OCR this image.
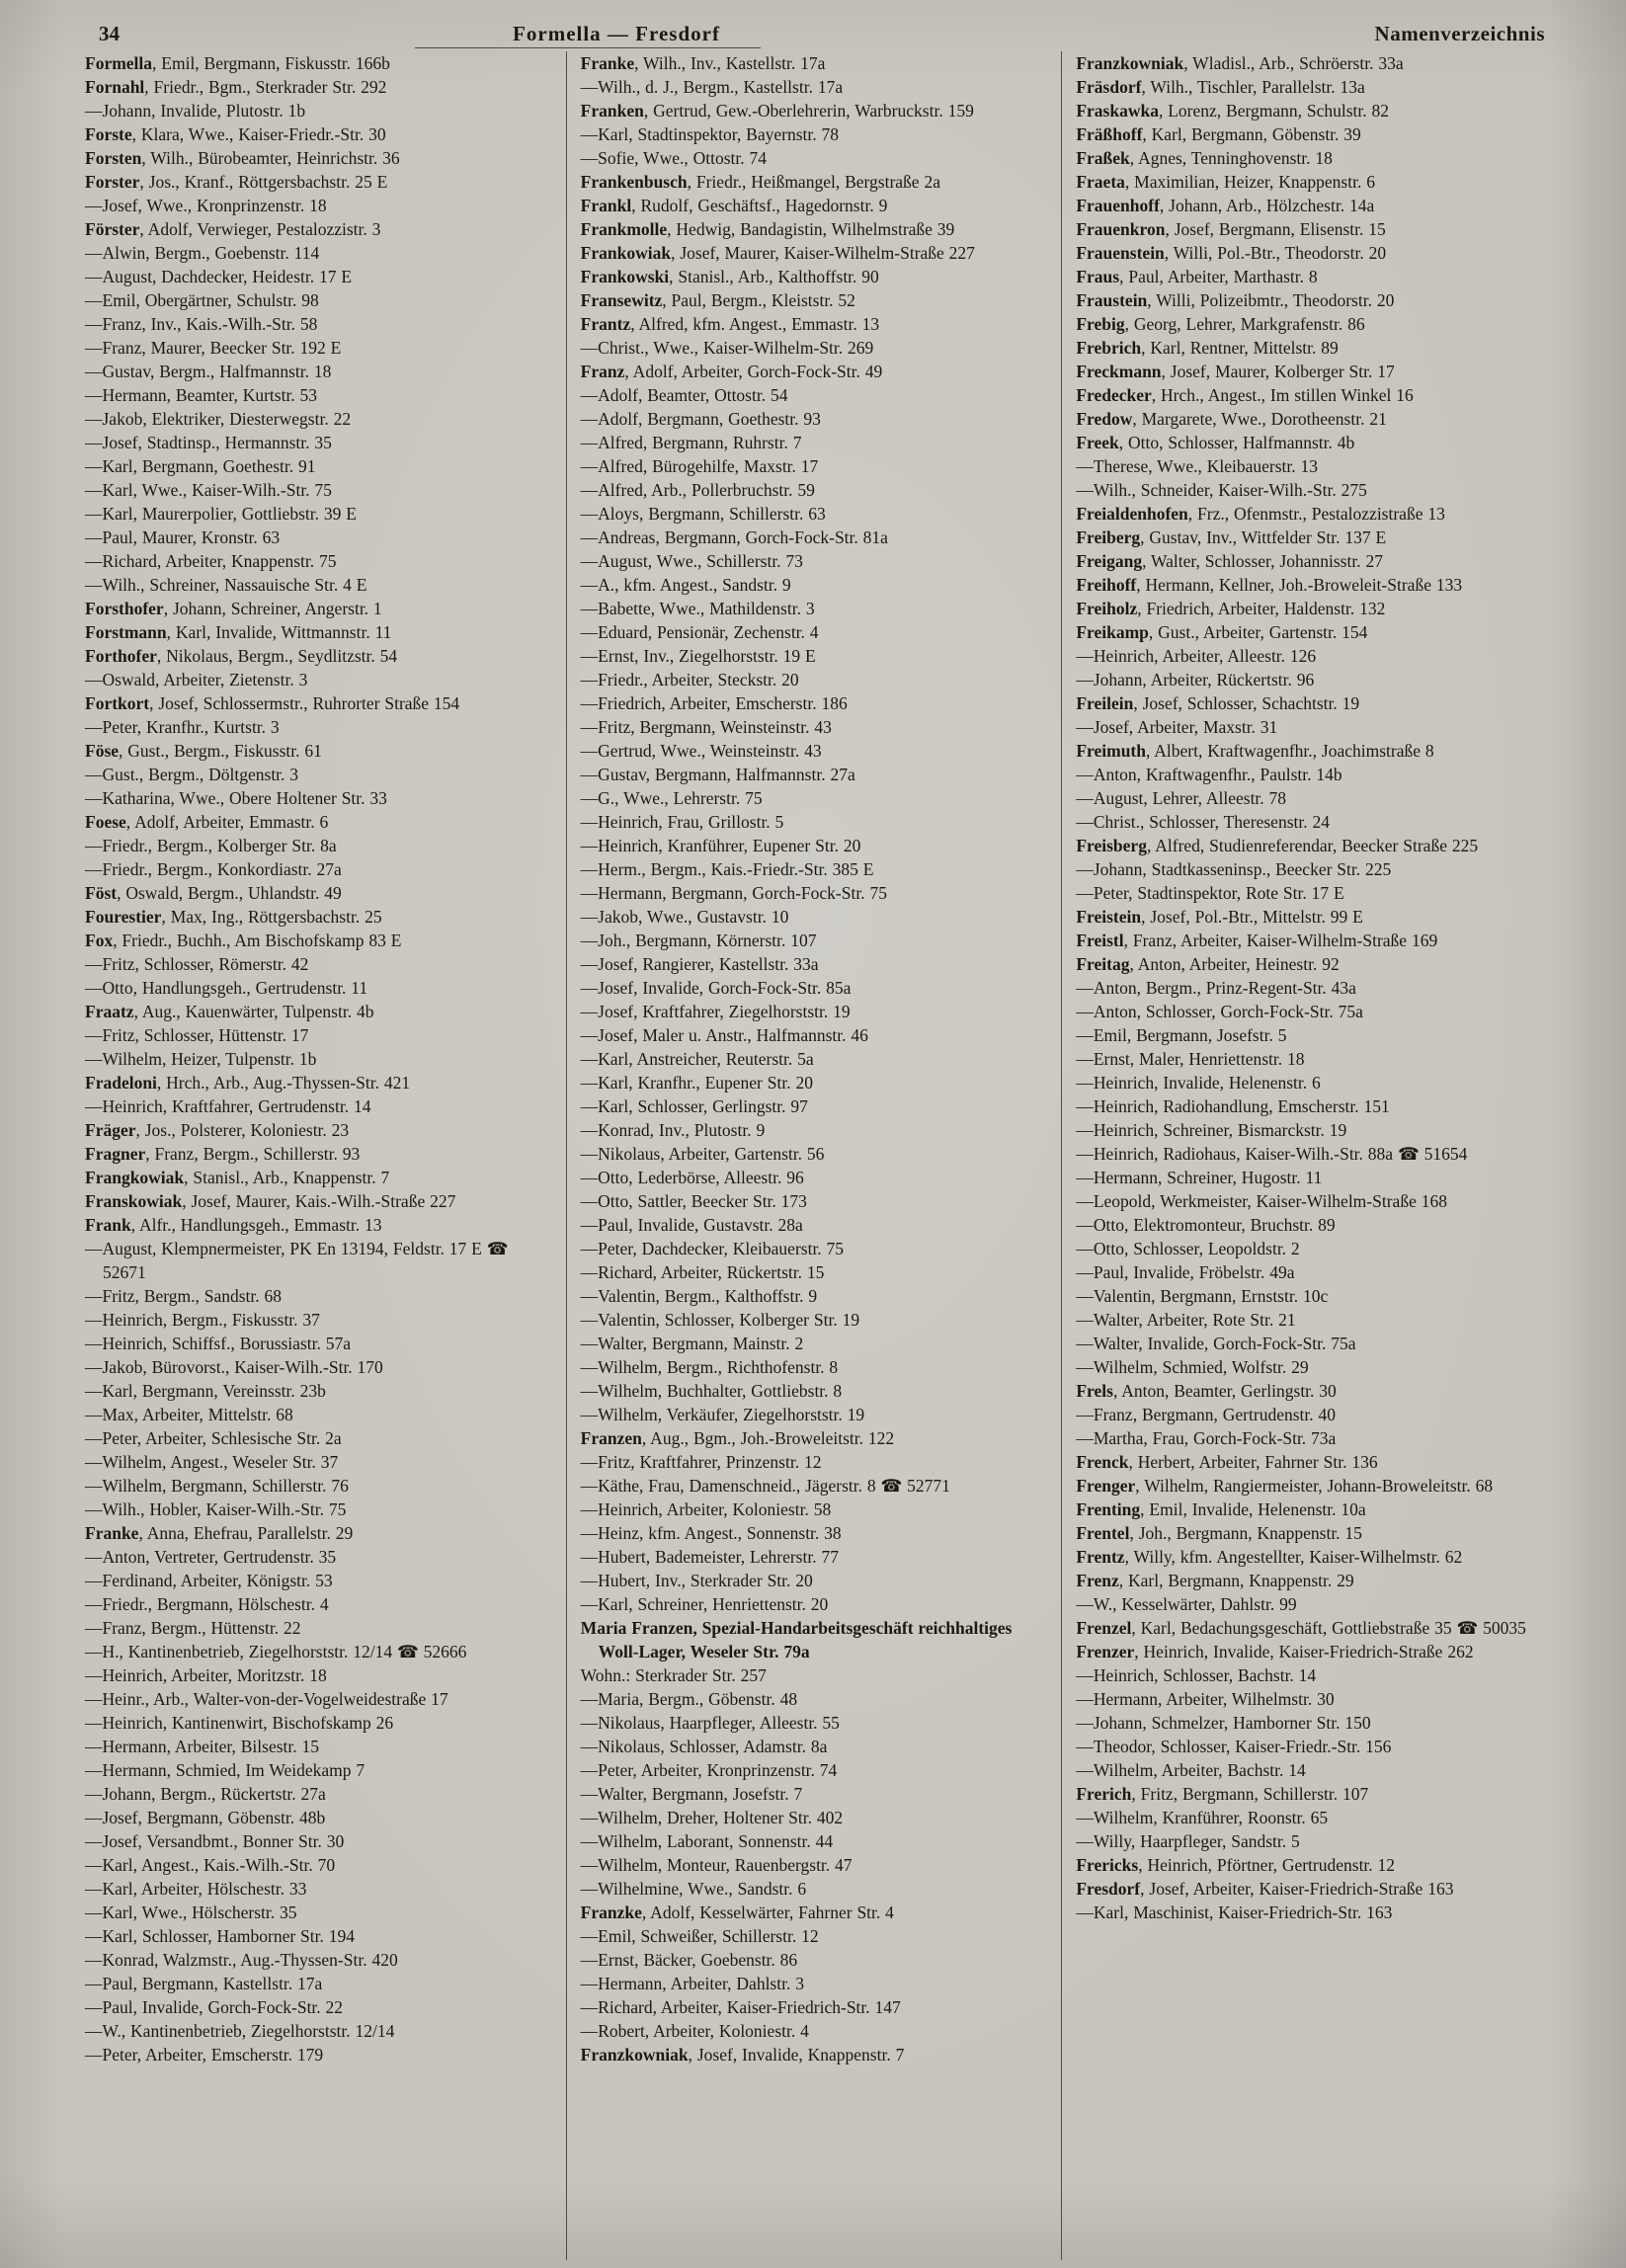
34	Formella — Fresdorf	Namenverzeichnis

Formella, Emil, Bergmann, Fiskusstr. 166b

Fornahl, Friedr., Bgm., Sterkrader Str. 292

—Johann, Invalide, Plutostr. 1b

Forste, Klara, Wwe., Kaiser-Friedr.-Str. 30

Forsten, Wilh., Bürobeamter, Heinrichstr. 36

Forster, Jos., Kranf., Röttgersbachstr. 25 E

—Josef, Wwe., Kronprinzenstr. 18

Förster, Adolf, Verwieger, Pestalozzistr. 3

—Alwin, Bergm., Goebenstr. 114

—August, Dachdecker, Heidestr. 17 E

—Emil, Obergärtner, Schulstr. 98

—Franz, Inv., Kais.-Wilh.-Str. 58

—Franz, Maurer, Beecker Str. 192 E

—Gustav, Bergm., Halfmannstr. 18

—Hermann, Beamter, Kurtstr. 53

—Jakob, Elektriker, Diesterwegstr. 22

—Josef, Stadtinsp., Hermannstr. 35

—Karl, Bergmann, Goethestr. 91

—Karl, Wwe., Kaiser-Wilh.-Str. 75

—Karl, Maurerpolier, Gottliebstr. 39 E

—Paul, Maurer, Kronstr. 63

—Richard, Arbeiter, Knappenstr. 75

—Wilh., Schreiner, Nassauische Str. 4 E

Forsthofer, Johann, Schreiner, Angerstr. 1

Forstmann, Karl, Invalide, Wittmannstr. 11

Forthofer, Nikolaus, Bergm., Seydlitzstr. 54

—Oswald, Arbeiter, Zietenstr. 3

Fortkort, Josef, Schlossermstr., Ruhrorter Straße 154

—Peter, Kranfhr., Kurtstr. 3

Föse, Gust., Bergm., Fiskusstr. 61

—Gust., Bergm., Döltgenstr. 3

—Katharina, Wwe., Obere Holtener Str. 33

Foese, Adolf, Arbeiter, Emmastr. 6

—Friedr., Bergm., Kolberger Str. 8a

—Friedr., Bergm., Konkordiastr. 27a

Föst, Oswald, Bergm., Uhlandstr. 49

Fourestier, Max, Ing., Röttgersbachstr. 25

Fox, Friedr., Buchh., Am Bischofskamp 83 E

—Fritz, Schlosser, Römerstr. 42

—Otto, Handlungsgeh., Gertrudenstr. 11

Fraatz, Aug., Kauenwärter, Tulpenstr. 4b

—Fritz, Schlosser, Hüttenstr. 17

—Wilhelm, Heizer, Tulpenstr. 1b

Fradeloni, Hrch., Arb., Aug.-Thyssen-Str. 421

—Heinrich, Kraftfahrer, Gertrudenstr. 14

Fräger, Jos., Polsterer, Koloniestr. 23

Fragner, Franz, Bergm., Schillerstr. 93

Frangkowiak, Stanisl., Arb., Knappenstr. 7

Franskowiak, Josef, Maurer, Kais.-Wilh.-Straße 227

Frank, Alfr., Handlungsgeh., Emmastr. 13

—August, Klempnermeister, PK En 13194, Feldstr. 17 E ☎ 52671

—Fritz, Bergm., Sandstr. 68

—Heinrich, Bergm., Fiskusstr. 37

—Heinrich, Schiffsf., Borussiastr. 57a

—Jakob, Bürovorst., Kaiser-Wilh.-Str. 170

—Karl, Bergmann, Vereinsstr. 23b

—Max, Arbeiter, Mittelstr. 68

—Peter, Arbeiter, Schlesische Str. 2a

—Wilhelm, Angest., Weseler Str. 37

—Wilhelm, Bergmann, Schillerstr. 76

—Wilh., Hobler, Kaiser-Wilh.-Str. 75

Franke, Anna, Ehefrau, Parallelstr. 29

—Anton, Vertreter, Gertrudenstr. 35

—Ferdinand, Arbeiter, Königstr. 53

—Friedr., Bergmann, Hölschestr. 4

—Franz, Bergm., Hüttenstr. 22

—H., Kantinenbetrieb, Ziegelhorststr. 12/14 ☎ 52666

—Heinrich, Arbeiter, Moritzstr. 18

—Heinr., Arb., Walter-von-der-Vogelweidestraße 17

—Heinrich, Kantinenwirt, Bischofskamp 26

—Hermann, Arbeiter, Bilsestr. 15

—Hermann, Schmied, Im Weidekamp 7

—Johann, Bergm., Rückertstr. 27a

—Josef, Bergmann, Göbenstr. 48b

—Josef, Versandbmt., Bonner Str. 30

—Karl, Angest., Kais.-Wilh.-Str. 70

—Karl, Arbeiter, Hölschestr. 33

—Karl, Wwe., Hölscherstr. 35

—Karl, Schlosser, Hamborner Str. 194

—Konrad, Walzmstr., Aug.-Thyssen-Str. 420

—Paul, Bergmann, Kastellstr. 17a

—Paul, Invalide, Gorch-Fock-Str. 22

—W., Kantinenbetrieb, Ziegelhorststr. 12/14

—Peter, Arbeiter, Emscherstr. 179

Franke, Wilh., Inv., Kastellstr. 17a

—Wilh., d. J., Bergm., Kastellstr. 17a

Franken, Gertrud, Gew.-Oberlehrerin, Warbruckstr. 159

—Karl, Stadtinspektor, Bayernstr. 78

—Sofie, Wwe., Ottostr. 74

Frankenbusch, Friedr., Heißmangel, Bergstraße 2a

Frankl, Rudolf, Geschäftsf., Hagedornstr. 9

Frankmolle, Hedwig, Bandagistin, Wilhelmstraße 39

Frankowiak, Josef, Maurer, Kaiser-Wilhelm-Straße 227

Frankowski, Stanisl., Arb., Kalthoffstr. 90

Fransewitz, Paul, Bergm., Kleiststr. 52

Frantz, Alfred, kfm. Angest., Emmastr. 13

—Christ., Wwe., Kaiser-Wilhelm-Str. 269

Franz, Adolf, Arbeiter, Gorch-Fock-Str. 49

—Adolf, Beamter, Ottostr. 54

—Adolf, Bergmann, Goethestr. 93

—Alfred, Bergmann, Ruhrstr. 7

—Alfred, Bürogehilfe, Maxstr. 17

—Alfred, Arb., Pollerbruchstr. 59

—Aloys, Bergmann, Schillerstr. 63

—Andreas, Bergmann, Gorch-Fock-Str. 81a

—August, Wwe., Schillerstr. 73

—A., kfm. Angest., Sandstr. 9

—Babette, Wwe., Mathildenstr. 3

—Eduard, Pensionär, Zechenstr. 4

—Ernst, Inv., Ziegelhorststr. 19 E

—Friedr., Arbeiter, Steckstr. 20

—Friedrich, Arbeiter, Emscherstr. 186

—Fritz, Bergmann, Weinsteinstr. 43

—Gertrud, Wwe., Weinsteinstr. 43

—Gustav, Bergmann, Halfmannstr. 27a

—G., Wwe., Lehrerstr. 75

—Heinrich, Frau, Grillostr. 5

—Heinrich, Kranführer, Eupener Str. 20

—Herm., Bergm., Kais.-Friedr.-Str. 385 E

—Hermann, Bergmann, Gorch-Fock-Str. 75

—Jakob, Wwe., Gustavstr. 10

—Joh., Bergmann, Körnerstr. 107

—Josef, Rangierer, Kastellstr. 33a

—Josef, Invalide, Gorch-Fock-Str. 85a

—Josef, Kraftfahrer, Ziegelhorststr. 19

—Josef, Maler u. Anstr., Halfmannstr. 46

—Karl, Anstreicher, Reuterstr. 5a

—Karl, Kranfhr., Eupener Str. 20

—Karl, Schlosser, Gerlingstr. 97

—Konrad, Inv., Plutostr. 9

—Nikolaus, Arbeiter, Gartenstr. 56

—Otto, Lederbörse, Alleestr. 96

—Otto, Sattler, Beecker Str. 173

—Paul, Invalide, Gustavstr. 28a

—Peter, Dachdecker, Kleibauerstr. 75

—Richard, Arbeiter, Rückertstr. 15

—Valentin, Bergm., Kalthoffstr. 9

—Valentin, Schlosser, Kolberger Str. 19

—Walter, Bergmann, Mainstr. 2

—Wilhelm, Bergm., Richthofenstr. 8

—Wilhelm, Buchhalter, Gottliebstr. 8

—Wilhelm, Verkäufer, Ziegelhorststr. 19

Franzen, Aug., Bgm., Joh.-Broweleitstr. 122

—Fritz, Kraftfahrer, Prinzenstr. 12

—Käthe, Frau, Damenschneid., Jägerstr. 8 ☎ 52771

—Heinrich, Arbeiter, Koloniestr. 58

—Heinz, kfm. Angest., Sonnenstr. 38

—Hubert, Bademeister, Lehrerstr. 77

—Hubert, Inv., Sterkrader Str. 20

—Karl, Schreiner, Henriettenstr. 20

Maria Franzen, Spezial-Handarbeitsgeschäft reichhaltiges Woll-Lager, Weseler Str. 79a

Wohn.: Sterkrader Str. 257

—Maria, Bergm., Göbenstr. 48

—Nikolaus, Haarpfleger, Alleestr. 55

—Nikolaus, Schlosser, Adamstr. 8a

—Peter, Arbeiter, Kronprinzenstr. 74

—Walter, Bergmann, Josefstr. 7

—Wilhelm, Dreher, Holtener Str. 402

—Wilhelm, Laborant, Sonnenstr. 44

—Wilhelm, Monteur, Rauenbergstr. 47

—Wilhelmine, Wwe., Sandstr. 6

Franzke, Adolf, Kesselwärter, Fahrner Str. 4

—Emil, Schweißer, Schillerstr. 12

—Ernst, Bäcker, Goebenstr. 86

—Hermann, Arbeiter, Dahlstr. 3

—Richard, Arbeiter, Kaiser-Friedrich-Str. 147

—Robert, Arbeiter, Koloniestr. 4

Franzkowniak, Josef, Invalide, Knappenstr. 7

Franzkowniak, Wladisl., Arb., Schröerstr. 33a

Fräsdorf, Wilh., Tischler, Parallelstr. 13a

Fraskawka, Lorenz, Bergmann, Schulstr. 82

Fräßhoff, Karl, Bergmann, Göbenstr. 39

Fraßek, Agnes, Tenninghovenstr. 18

Fraeta, Maximilian, Heizer, Knappenstr. 6

Frauenhoff, Johann, Arb., Hölzchestr. 14a

Frauenkron, Josef, Bergmann, Elisenstr. 15

Frauenstein, Willi, Pol.-Btr., Theodorstr. 20

Fraus, Paul, Arbeiter, Marthastr. 8

Fraustein, Willi, Polizeibmtr., Theodorstr. 20

Frebig, Georg, Lehrer, Markgrafenstr. 86

Frebrich, Karl, Rentner, Mittelstr. 89

Freckmann, Josef, Maurer, Kolberger Str. 17

Fredecker, Hrch., Angest., Im stillen Winkel 16

Fredow, Margarete, Wwe., Dorotheenstr. 21

Freek, Otto, Schlosser, Halfmannstr. 4b

—Therese, Wwe., Kleibauerstr. 13

—Wilh., Schneider, Kaiser-Wilh.-Str. 275

Freialdenhofen, Frz., Ofenmstr., Pestalozzistraße 13

Freiberg, Gustav, Inv., Wittfelder Str. 137 E

Freigang, Walter, Schlosser, Johannisstr. 27

Freihoff, Hermann, Kellner, Joh.-Broweleit-Straße 133

Freiholz, Friedrich, Arbeiter, Haldenstr. 132

Freikamp, Gust., Arbeiter, Gartenstr. 154

—Heinrich, Arbeiter, Alleestr. 126

—Johann, Arbeiter, Rückertstr. 96

Freilein, Josef, Schlosser, Schachtstr. 19

—Josef, Arbeiter, Maxstr. 31

Freimuth, Albert, Kraftwagenfhr., Joachimstraße 8

—Anton, Kraftwagenfhr., Paulstr. 14b

—August, Lehrer, Alleestr. 78

—Christ., Schlosser, Theresenstr. 24

Freisberg, Alfred, Studienreferendar, Beecker Straße 225

—Johann, Stadtkasseninsp., Beecker Str. 225

—Peter, Stadtinspektor, Rote Str. 17 E

Freistein, Josef, Pol.-Btr., Mittelstr. 99 E

Freistl, Franz, Arbeiter, Kaiser-Wilhelm-Straße 169

Freitag, Anton, Arbeiter, Heinestr. 92

—Anton, Bergm., Prinz-Regent-Str. 43a

—Anton, Schlosser, Gorch-Fock-Str. 75a

—Emil, Bergmann, Josefstr. 5

—Ernst, Maler, Henriettenstr. 18

—Heinrich, Invalide, Helenenstr. 6

—Heinrich, Radiohandlung, Emscherstr. 151

—Heinrich, Schreiner, Bismarckstr. 19

—Heinrich, Radiohaus, Kaiser-Wilh.-Str. 88a ☎ 51654

—Hermann, Schreiner, Hugostr. 11

—Leopold, Werkmeister, Kaiser-Wilhelm-Straße 168

—Otto, Elektromonteur, Bruchstr. 89

—Otto, Schlosser, Leopoldstr. 2

—Paul, Invalide, Fröbelstr. 49a

—Valentin, Bergmann, Ernststr. 10c

—Walter, Arbeiter, Rote Str. 21

—Walter, Invalide, Gorch-Fock-Str. 75a

—Wilhelm, Schmied, Wolfstr. 29

Frels, Anton, Beamter, Gerlingstr. 30

—Franz, Bergmann, Gertrudenstr. 40

—Martha, Frau, Gorch-Fock-Str. 73a

Frenck, Herbert, Arbeiter, Fahrner Str. 136

Frenger, Wilhelm, Rangiermeister, Johann-Broweleitstr. 68

Frenting, Emil, Invalide, Helenenstr. 10a

Frentel, Joh., Bergmann, Knappenstr. 15

Frentz, Willy, kfm. Angestellter, Kaiser-Wilhelmstr. 62

Frenz, Karl, Bergmann, Knappenstr. 29

—W., Kesselwärter, Dahlstr. 99

Frenzel, Karl, Bedachungsgeschäft, Gottliebstraße 35 ☎ 50035

Frenzer, Heinrich, Invalide, Kaiser-Friedrich-Straße 262

—Heinrich, Schlosser, Bachstr. 14

—Hermann, Arbeiter, Wilhelmstr. 30

—Johann, Schmelzer, Hamborner Str. 150

—Theodor, Schlosser, Kaiser-Friedr.-Str. 156

—Wilhelm, Arbeiter, Bachstr. 14

Frerich, Fritz, Bergmann, Schillerstr. 107

—Wilhelm, Kranführer, Roonstr. 65

—Willy, Haarpfleger, Sandstr. 5

Frericks, Heinrich, Pförtner, Gertrudenstr. 12

Fresdorf, Josef, Arbeiter, Kaiser-Friedrich-Straße 163

—Karl, Maschinist, Kaiser-Friedrich-Str. 163
